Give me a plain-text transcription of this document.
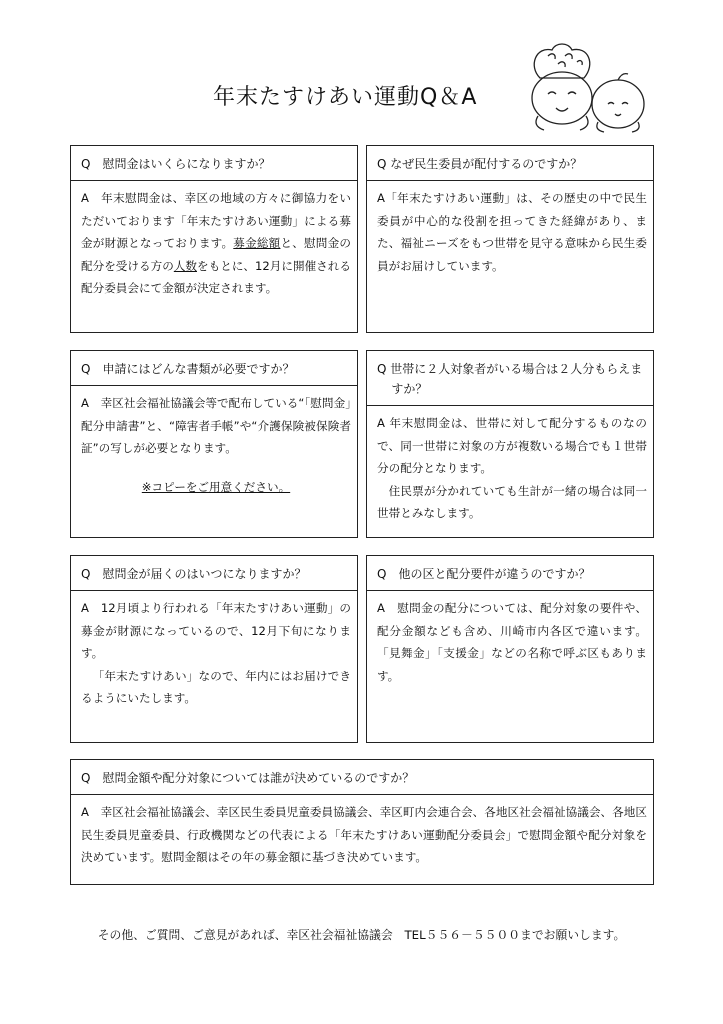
年末たすけあい運動Q＆A
Q　慰問金はいくらになりますか？
A　年末慰問金は、幸区の地域の方々に御協力をいただいております「年末たすけあい運動」による募金が財源となっております。募金総額と、慰問金の配分を受ける方の人数をもとに、12月に開催される配分委員会にて金額が決定されます。
Q なぜ民生委員が配付するのですか？
A「年末たすけあい運動」は、その歴史の中で民生委員が中心的な役割を担ってきた経緯があり、また、福祉ニーズをもつ世帯を見守る意味から民生委員がお届けしています。
Q　申請にはどんな書類が必要ですか？
A　幸区社会福祉協議会等で配布している“「慰問金」配分申請書”と、“障害者手帳”や“介護保険被保険者証”の写しが必要となります。
※コピーをご用意ください。
Q 世帯に２人対象者がいる場合は２人分もらえますか？
A 年末慰問金は、世帯に対して配分するものなので、同一世帯に対象の方が複数いる場合でも１世帯分の配分となります。
住民票が分かれていても生計が一緒の場合は同一世帯とみなします。
Q　慰問金が届くのはいつになりますか？
A　12月頃より行われる「年末たすけあい運動」の募金が財源になっているので、12月下旬になります。
「年末たすけあい」なので、年内にはお届けできるようにいたします。
Q　他の区と配分要件が違うのですか？
A　慰問金の配分については、配分対象の要件や、配分金額なども含め、川崎市内各区で違います。「見舞金」「支援金」などの名称で呼ぶ区もあります。
Q　慰問金額や配分対象については誰が決めているのですか？
A　幸区社会福祉協議会、幸区民生委員児童委員協議会、幸区町内会連合会、各地区社会福祉協議会、各地区民生委員児童委員、行政機関などの代表による「年末たすけあい運動配分委員会」で慰問金額や配分対象を決めています。慰問金額はその年の募金額に基づき決めています。
その他、ご質問、ご意見があれば、幸区社会福祉協議会　TEL５５６－５５００までお願いします。
